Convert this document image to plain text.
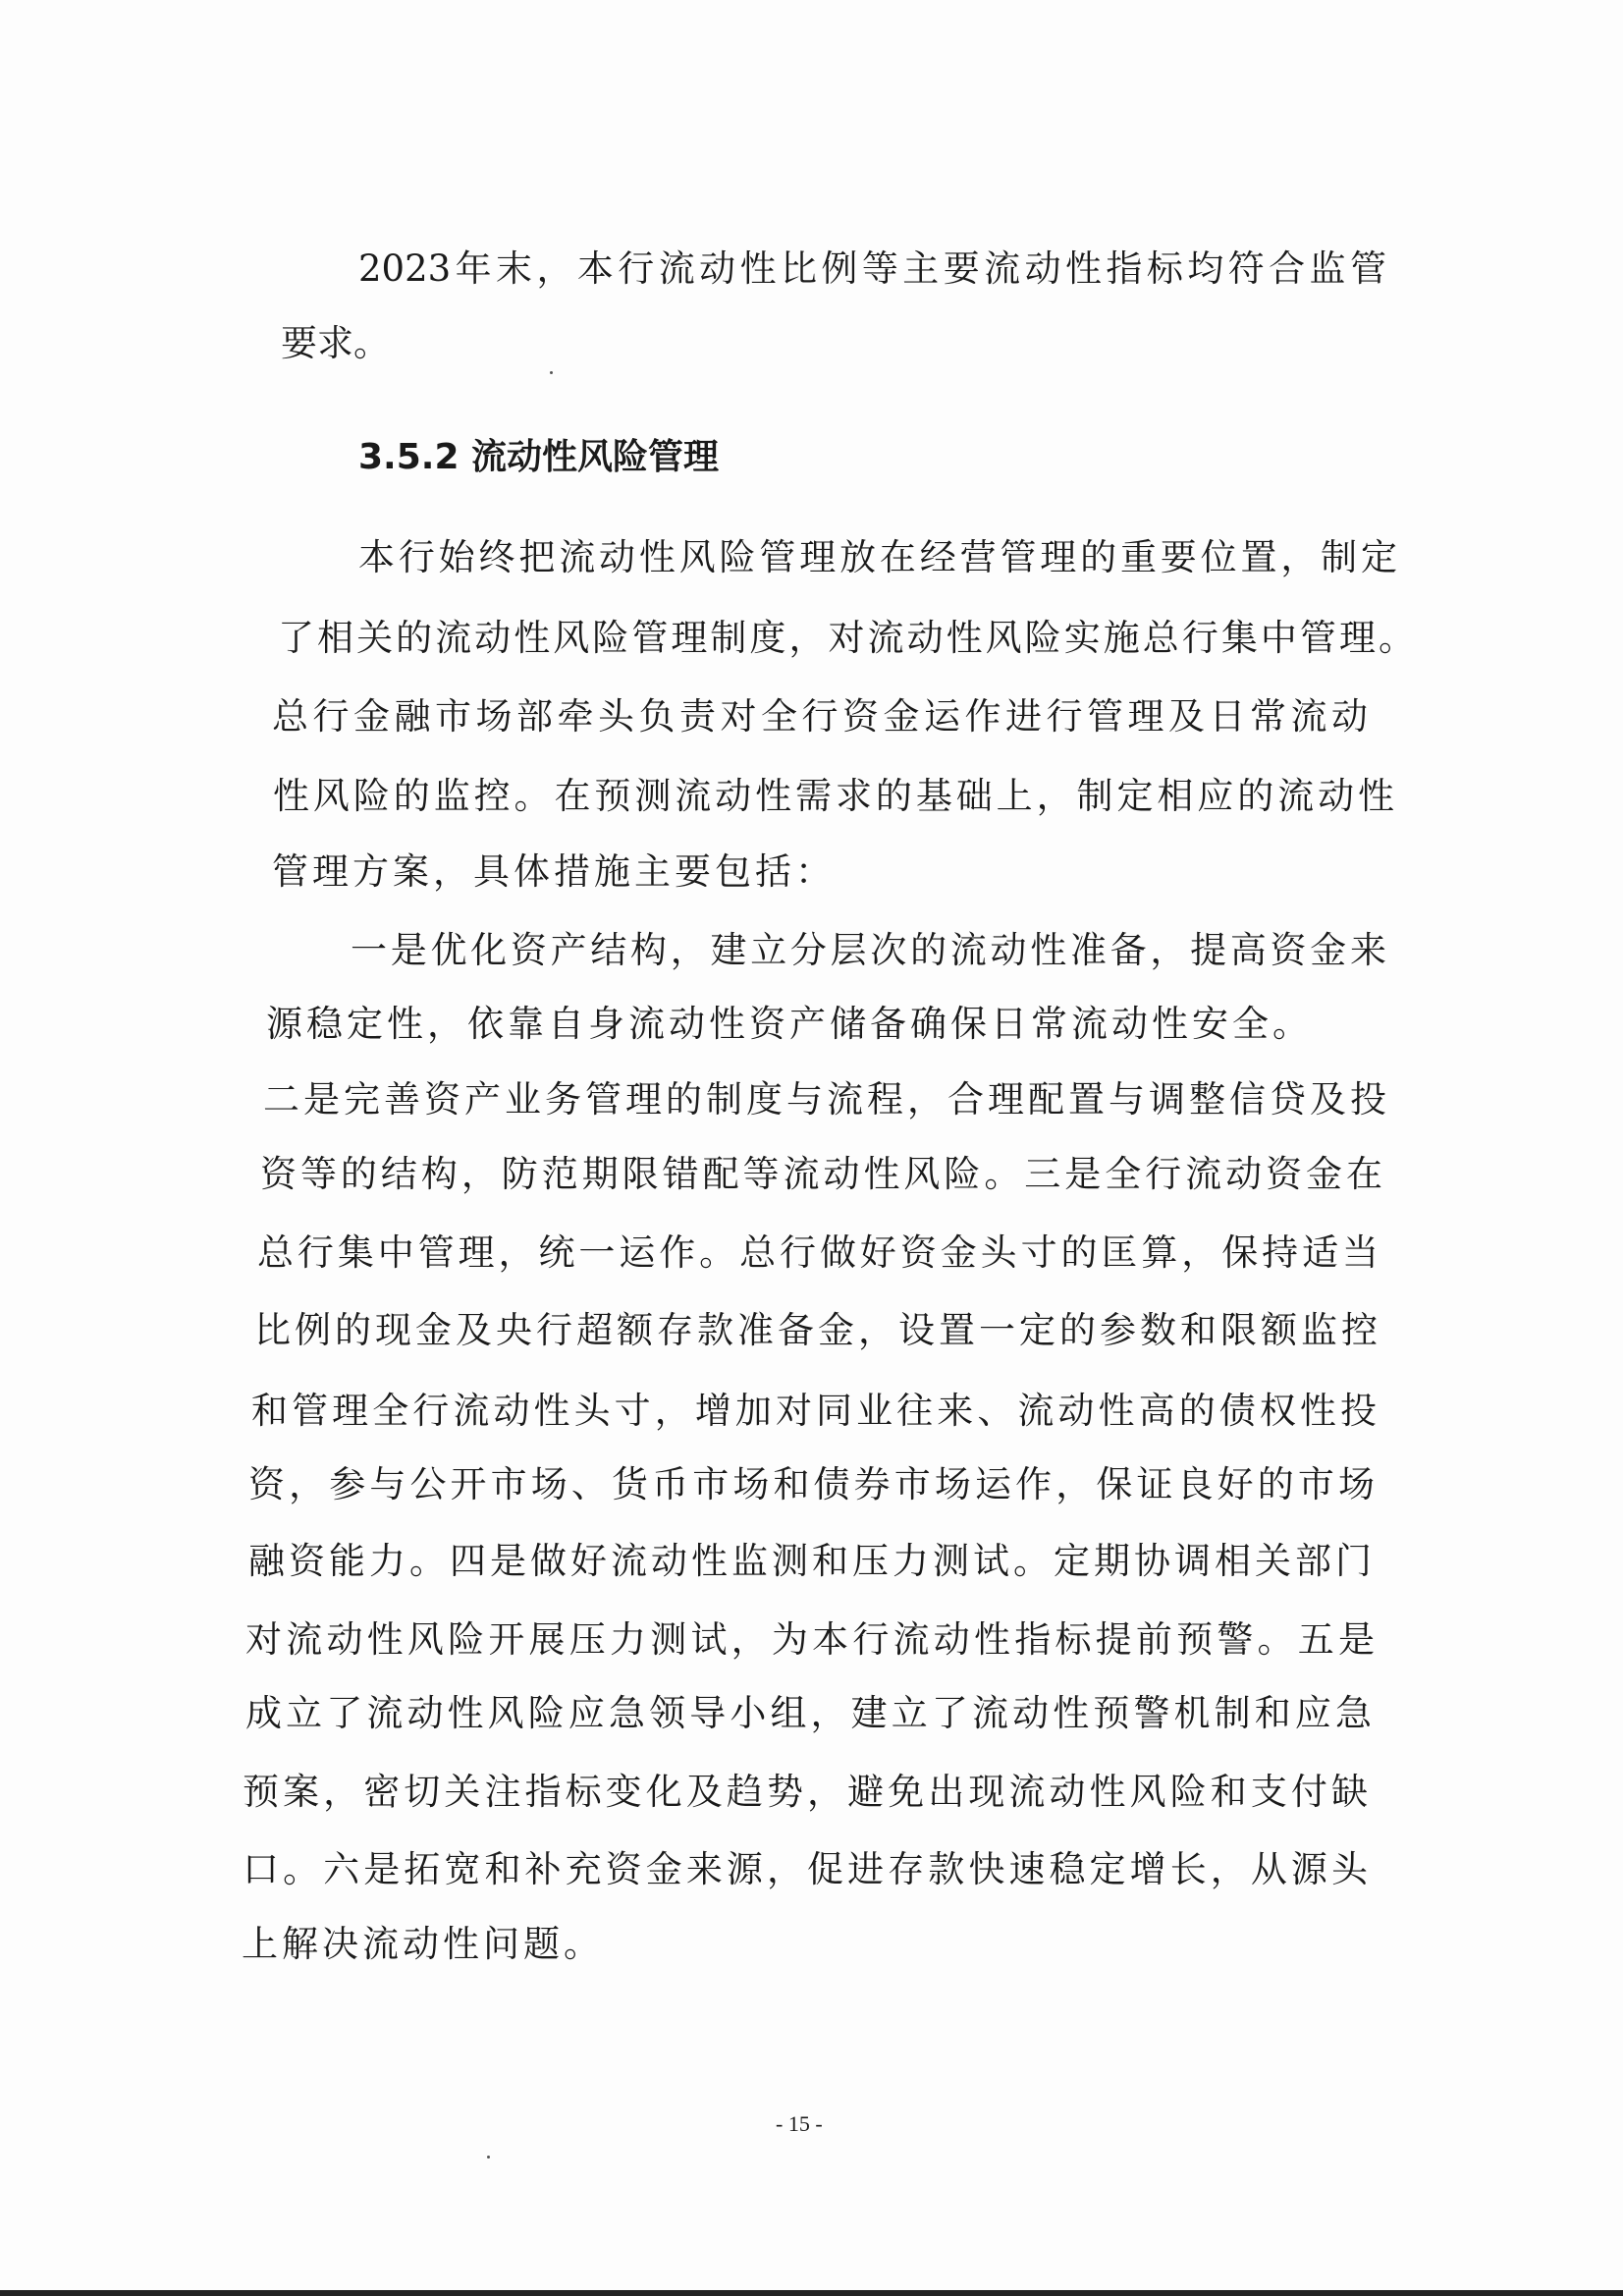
2023年末，本行流动性比例等主要流动性指标均符合监管
要求。
3.5.2 流动性风险管理
本行始终把流动性风险管理放在经营管理的重要位置，制定
了相关的流动性风险管理制度，对流动性风险实施总行集中管理。
总行金融市场部牵头负责对全行资金运作进行管理及日常流动
性风险的监控。在预测流动性需求的基础上，制定相应的流动性
管理方案，具体措施主要包括：
一是优化资产结构，建立分层次的流动性准备，提高资金来
源稳定性，依靠自身流动性资产储备确保日常流动性安全。
二是完善资产业务管理的制度与流程，合理配置与调整信贷及投
资等的结构，防范期限错配等流动性风险。三是全行流动资金在
总行集中管理，统一运作。总行做好资金头寸的匡算，保持适当
比例的现金及央行超额存款准备金，设置一定的参数和限额监控
和管理全行流动性头寸，增加对同业往来、流动性高的债权性投
资，参与公开市场、货币市场和债券市场运作，保证良好的市场
融资能力。四是做好流动性监测和压力测试。定期协调相关部门
对流动性风险开展压力测试，为本行流动性指标提前预警。五是
成立了流动性风险应急领导小组，建立了流动性预警机制和应急
预案，密切关注指标变化及趋势，避免出现流动性风险和支付缺
口。六是拓宽和补充资金来源，促进存款快速稳定增长，从源头
上解决流动性问题。
- 15 -
